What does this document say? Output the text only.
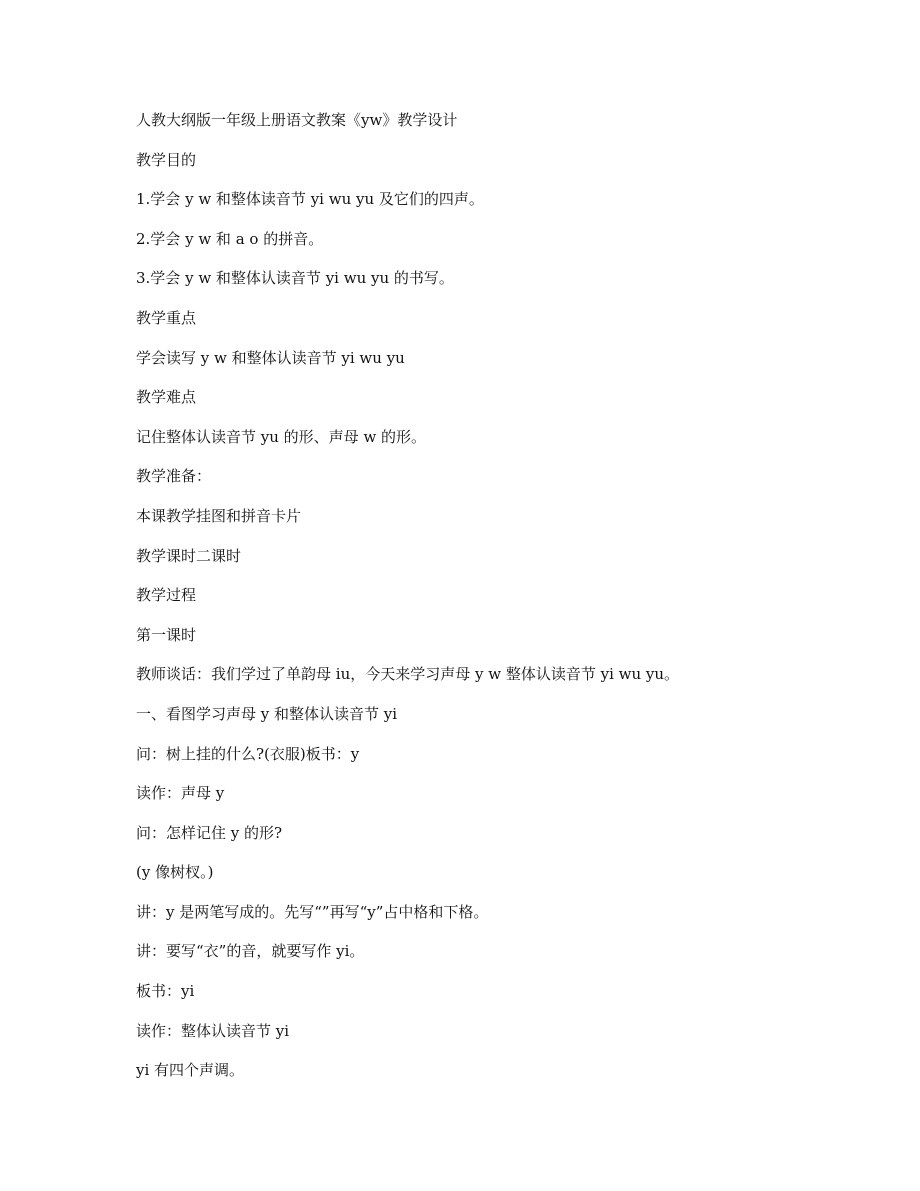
人教大纲版一年级上册语文教案《yw》教学设计
教学目的
1.学会 y w 和整体读音节 yi wu yu 及它们的四声。
2.学会 y w 和 a o 的拼音。
3.学会 y w 和整体认读音节 yi wu yu 的书写。
教学重点
学会读写 y w 和整体认读音节 yi wu yu
教学难点
记住整体认读音节 yu 的形、声母 w 的形。
教学准备：
本课教学挂图和拼音卡片
教学课时二课时
教学过程
第一课时
教师谈话：我们学过了单韵母 iu，今天来学习声母 y w 整体认读音节 yi wu yu。
一、看图学习声母 y 和整体认读音节 yi
问：树上挂的什么?(衣服)板书：y
读作：声母 y
问：怎样记住 y 的形?
(y 像树杈。)
讲：y 是两笔写成的。先写“”再写“y”占中格和下格。
讲：要写“衣”的音，就要写作 yi。
板书：yi
读作：整体认读音节 yi
yi 有四个声调。
